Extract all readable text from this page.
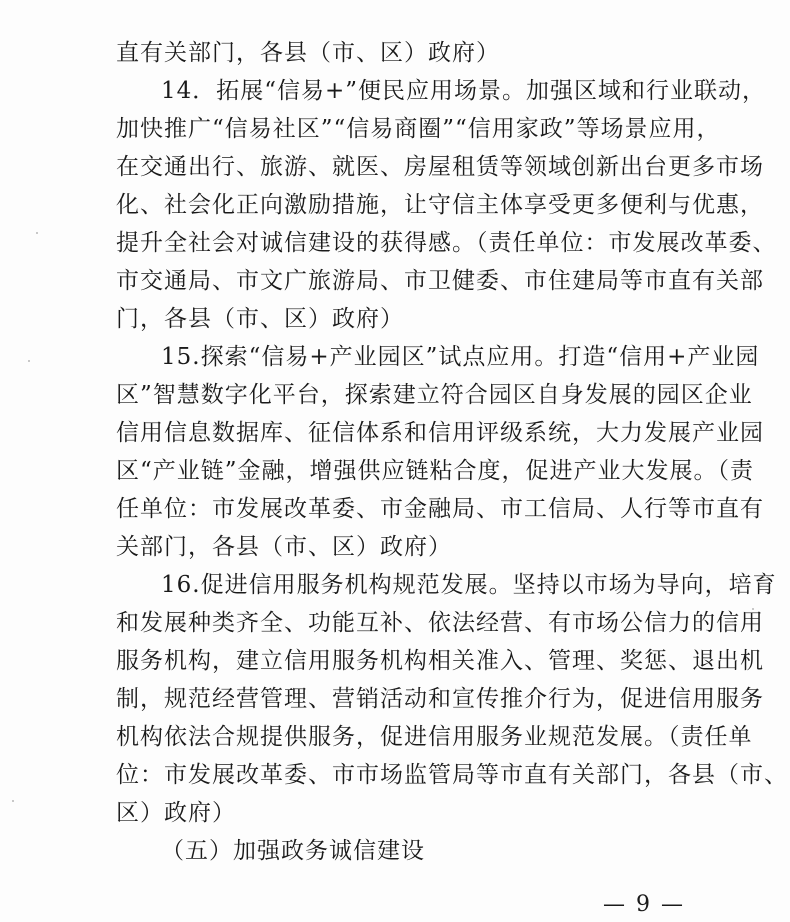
直有关部门，各县（市、区）政府）
14．拓展“信易+”便民应用场景。加强区域和行业联动，
加快推广“信易社区”“信易商圈”“信用家政”等场景应用，
在交通出行、旅游、就医、房屋租赁等领域创新出台更多市场
化、社会化正向激励措施，让守信主体享受更多便利与优惠，
提升全社会对诚信建设的获得感。（责任单位：市发展改革委、
市交通局、市文广旅游局、市卫健委、市住建局等市直有关部
门，各县（市、区）政府）
15.探索“信易+产业园区”试点应用。打造“信用+产业园
区”智慧数字化平台，探索建立符合园区自身发展的园区企业
信用信息数据库、征信体系和信用评级系统，大力发展产业园
区“产业链”金融，增强供应链粘合度，促进产业大发展。（责
任单位：市发展改革委、市金融局、市工信局、人行等市直有
关部门，各县（市、区）政府）
16.促进信用服务机构规范发展。坚持以市场为导向，培育
和发展种类齐全、功能互补、依法经营、有市场公信力的信用
服务机构，建立信用服务机构相关准入、管理、奖惩、退出机
制，规范经营管理、营销活动和宣传推介行为，促进信用服务
机构依法合规提供服务，促进信用服务业规范发展。（责任单
位：市发展改革委、市市场监管局等市直有关部门，各县（市、
区）政府）
（五）加强政务诚信建设
— 9 —
